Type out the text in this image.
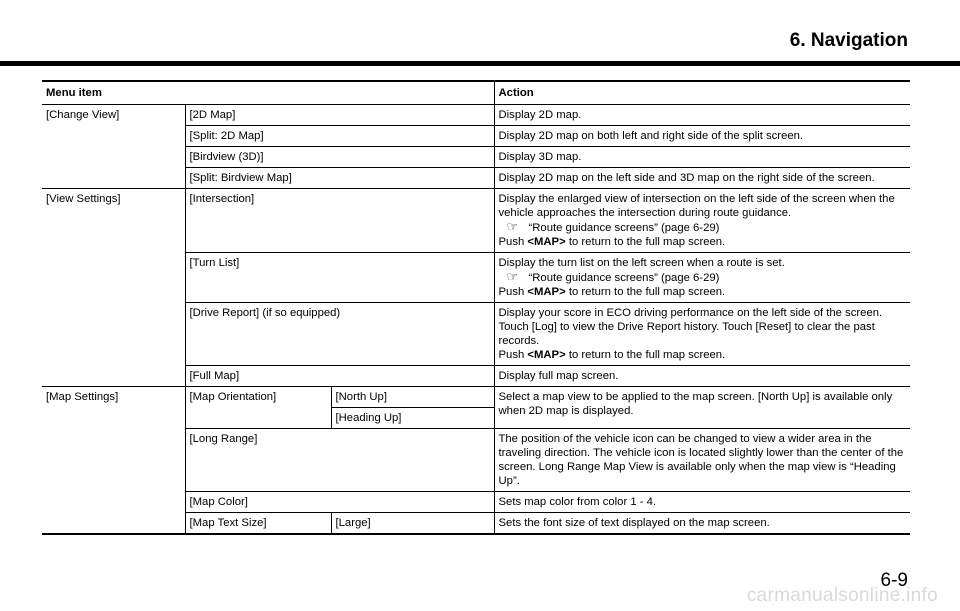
6. Navigation
Menu item			Action
[Change View]	[2D Map]		Display 2D map.
	[Split: 2D Map]		Display 2D map on both left and right side of the split screen.
	[Birdview (3D)]		Display 3D map.
	[Split: Birdview Map]		Display 2D map on the left side and 3D map on the right side of the screen.
[View Settings]	[Intersection]		Display the enlarged view of intersection on the left side of the screen when the vehicle approaches the intersection during route guidance.
☞ “Route guidance screens” (page 6-29)
Push <MAP> to return to the full map screen.
	[Turn List]		Display the turn list on the left screen when a route is set.
☞ “Route guidance screens” (page 6-29)
Push <MAP> to return to the full map screen.
	[Drive Report] (if so equipped)		Display your score in ECO driving performance on the left side of the screen. Touch [Log] to view the Drive Report history. Touch [Reset] to clear the past records.
Push <MAP> to return to the full map screen.
	[Full Map]		Display full map screen.
[Map Settings]	[Map Orientation]	[North Up]	Select a map view to be applied to the map screen. [North Up] is available only when 2D map is displayed.
		[Heading Up]	
	[Long Range]		The position of the vehicle icon can be changed to view a wider area in the traveling direction. The vehicle icon is located slightly lower than the center of the screen. Long Range Map View is available only when the map view is “Heading Up”.
	[Map Color]		Sets map color from color 1 - 4.
	[Map Text Size]	[Large]	Sets the font size of text displayed on the map screen.
6-9
carmanualsonline.info
